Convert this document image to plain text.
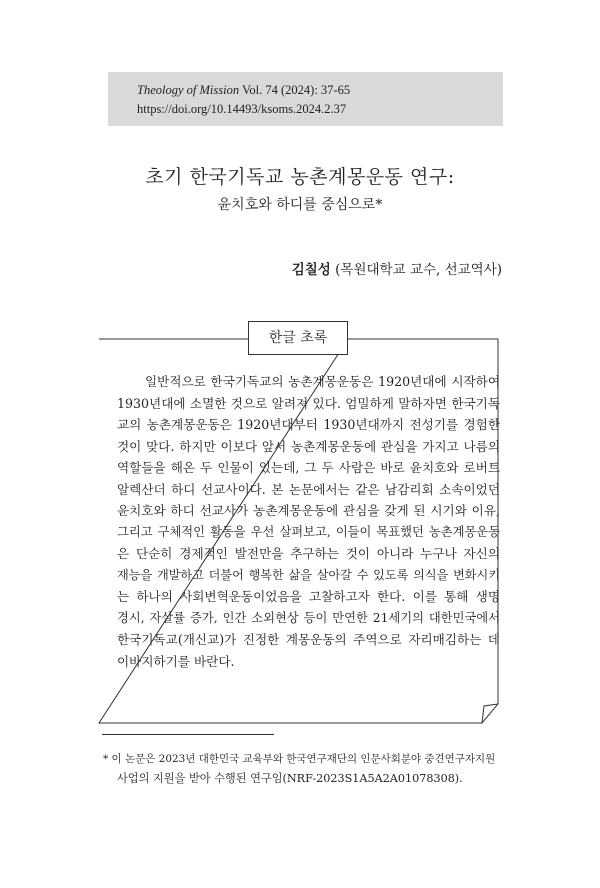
Theology of Mission Vol. 74 (2024): 37-65
https://doi.org/10.14493/ksoms.2024.2.37
초기 한국기독교 농촌계몽운동 연구:
윤치호와 하디를 중심으로*
김칠성 (목원대학교 교수, 선교역사)
한글 초록
일반적으로 한국기독교의 농촌계몽운동은 1920년대에 시작하여
1930년대에 소멸한 것으로 알려져 있다. 엄밀하게 말하자면 한국기독
교의 농촌계몽운동은 1920년대부터 1930년대까지 전성기를 경험한
것이 맞다. 하지만 이보다 앞서 농촌계몽운동에 관심을 가지고 나름의
역할들을 해온 두 인물이 있는데, 그 두 사람은 바로 윤치호와 로버트
알렉산더 하디 선교사이다. 본 논문에서는 같은 남감리회 소속이었던
윤치호와 하디 선교사가 농촌계몽운동에 관심을 갖게 된 시기와 이유,
그리고 구체적인 활동을 우선 살펴보고, 이들이 목표했던 농촌계몽운동
은 단순히 경제적인 발전만을 추구하는 것이 아니라 누구나 자신의
재능을 개발하고 더불어 행복한 삶을 살아갈 수 있도록 의식을 변화시키
는 하나의 사회변혁운동이었음을 고찰하고자 한다. 이를 통해 생명
경시, 자살률 증가, 인간 소외현상 등이 만연한 21세기의 대한민국에서
한국기독교(개신교)가 진정한 계몽운동의 주역으로 자리매김하는 데
이바지하기를 바란다.
* 이 논문은 2023년 대한민국 교육부와 한국연구재단의 인문사회분야 중견연구자지원
사업의 지원을 받아 수행된 연구임(NRF-2023S1A5A2A01078308).
